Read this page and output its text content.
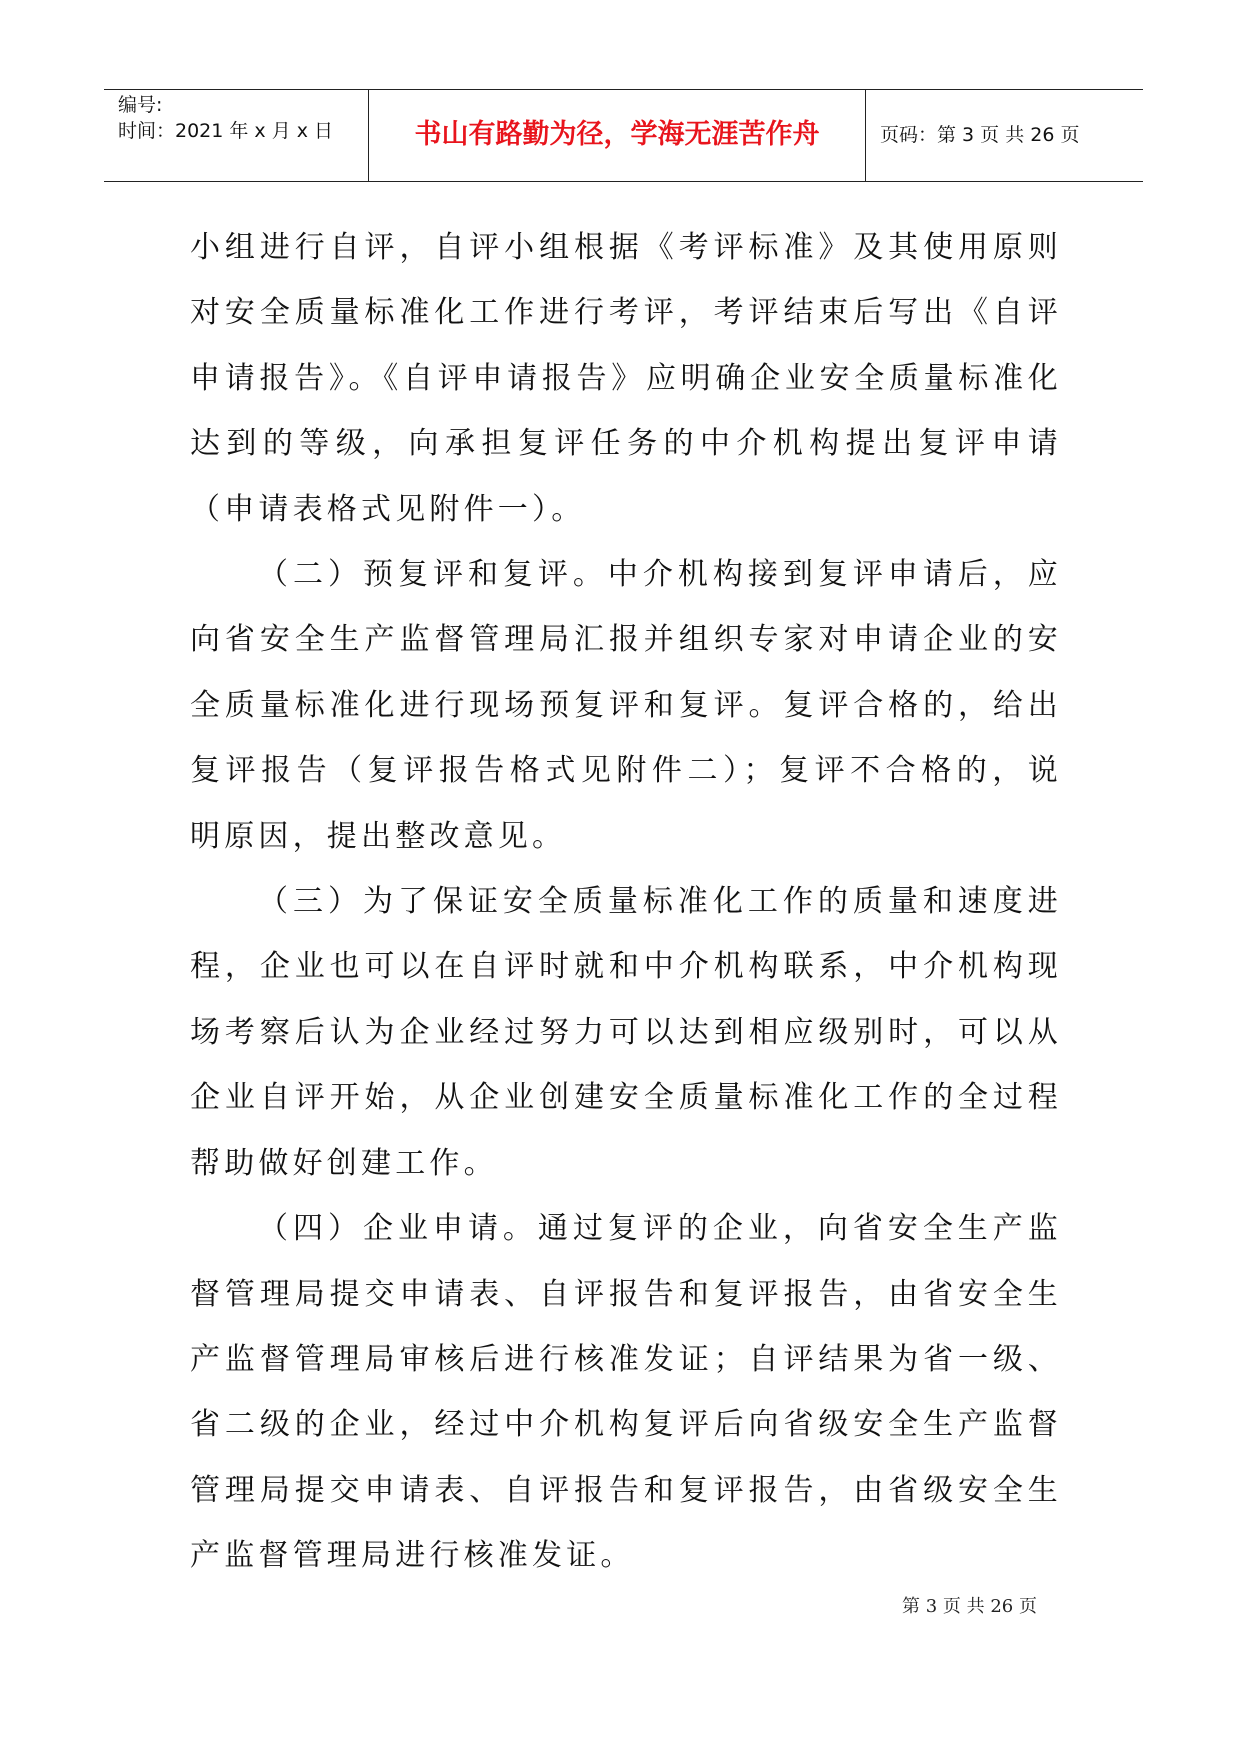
编号:
时间：2021 年 x 月 x 日	书山有路勤为径，学海无涯苦作舟	页码：第 3 页 共 26 页

小组进行自评，自评小组根据《考评标准》及其使用原则对安全质量标准化工作进行考评，考评结束后写出《自评申请报告》。《自评申请报告》应明确企业安全质量标准化达到的等级，向承担复评任务的中介机构提出复评申请（申请表格式见附件一）。

（二）预复评和复评。中介机构接到复评申请后，应向省安全生产监督管理局汇报并组织专家对申请企业的安全质量标准化进行现场预复评和复评。复评合格的，给出复评报告（复评报告格式见附件二）；复评不合格的，说明原因，提出整改意见。

（三）为了保证安全质量标准化工作的质量和速度进程，企业也可以在自评时就和中介机构联系，中介机构现场考察后认为企业经过努力可以达到相应级别时，可以从企业自评开始，从企业创建安全质量标准化工作的全过程帮助做好创建工作。

（四）企业申请。通过复评的企业，向省安全生产监督管理局提交申请表、自评报告和复评报告，由省安全生产监督管理局审核后进行核准发证；自评结果为省一级、省二级的企业，经过中介机构复评后向省级安全生产监督管理局提交申请表、自评报告和复评报告，由省级安全生产监督管理局进行核准发证。

第 3 页 共 26 页
